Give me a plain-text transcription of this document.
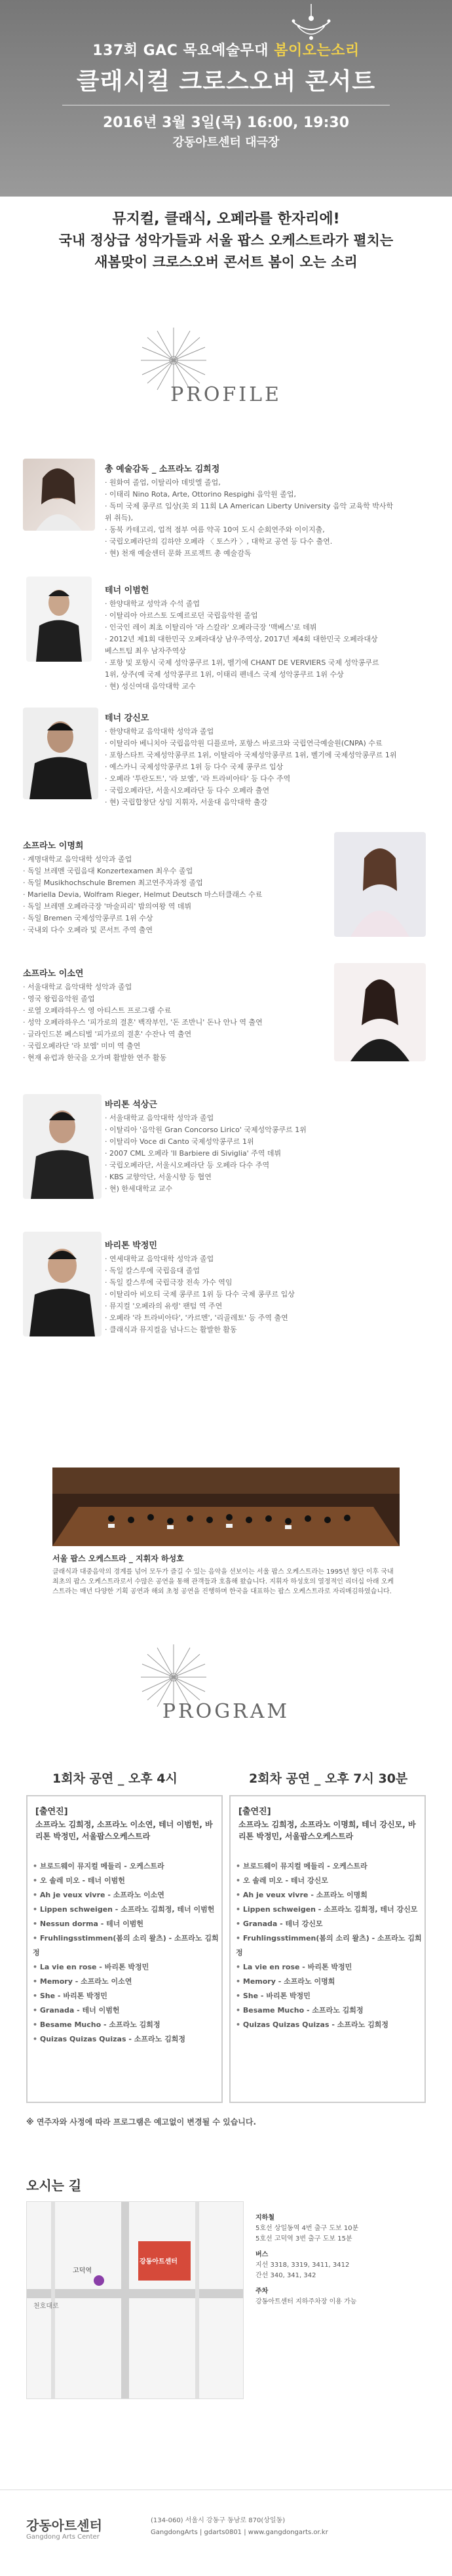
137회 GAC 목요예술무대 봄이오는소리
클래시컬 크로스오버 콘서트
2016년 3월 3일(목) 16:00, 19:30
강동아트센터 대극장
뮤지컬, 클래식, 오페라를 한자리에!
국내 정상급 성악가들과 서울 팝스 오케스트라가 펼치는
새봄맞이 크로스오버 콘서트 봄이 오는 소리
PROFILE
총 예술감독 _ 소프라노 김희정
· 원화여 졸업, 이탈리아 데빗엘 졸업,
· 이태리 Nino Rota, Arte, Ottorino Respighi 음악원 졸업,
· 독미 국제 콩쿠르 입상(美 외 11회 LA American Liberty University 음악 교육학 박사학
위 취득),
· 동북 카테고리, 업적 점부 여름 약곡 10여 도시 순회연주와 이이지출,
· 국립오페라단의 김하얀 오페라 〈 토스카 〉, 대학교 공연 등 다수 출연.
· 현) 천재 예술센터 문화 프로젝트 총 예술감독
테너 이범헌
· 한양대학교 성악과 수석 졸업
· 이탈리아 아르스토 도예르로던 국립음악원 졸업
· 인국인 레이 최초 이탈리아 '라 스칼라' 오페라극장 '맥베스'로 데뷔
· 2012년 제1회 대한민국 오페라대상 남우주역상, 2017년 제4회 대한민국 오페라대상
베스트팀 최우 남자주역상
· 포항 및 포항시 국제 성악콩쿠르 1위, 벨기에 CHANT DE VERVIERS 국제 성악콩쿠르
1위, 상주(예 국제 성악콩쿠르 1위, 이태리 펜네스 국제 성악콩쿠르 1위 수상
· 현) 성신여대 음악대학 교수
테너 강신모
· 한양대학교 음악대학 성악과 졸업
· 이탈리아 베니치아 국립음악원 디플로마, 포항스 바로크와 국립연극예술원(CNPA) 수료
· 포항스타트 국제성악콩쿠르 1위, 이탈리아 국제성악콩쿠르 1위, 벨기에 국제성악콩쿠르 1위
· 예스카니 국제성악콩쿠르 1위 등 다수 국제 콩쿠르 입상
· 오페라 '투란도트', '라 보엠', '라 트라비아타' 등 다수 주역
· 국립오페라단, 서울시오페라단 등 다수 오페라 출연
· 현) 국립합창단 상임 지휘자, 서울대 음악대학 출강
소프라노 이명희
· 계명대학교 음악대학 성악과 졸업
· 독일 브레멘 국립음대 Konzertexamen 최우수 졸업
· 독일 Musikhochschule Bremen 최고연주자과정 졸업
· Mariella Devia, Wolfram Rieger, Helmut Deutsch 마스터클래스 수료
· 독일 브레멘 오페라극장 '마술피리' 밤의여왕 역 데뷔
· 독일 Bremen 국제성악콩쿠르 1위 수상
· 국내외 다수 오페라 및 콘서트 주역 출연
소프라노 이소연
· 서울대학교 음악대학 성악과 졸업
· 영국 왕립음악원 졸업
· 로열 오페라하우스 영 아티스트 프로그램 수료
· 성악 오페라하우스 '피가로의 결혼' 백작부인, '돈 조반니' 돈나 안나 역 출연
· 글라인드본 페스티벌 '피가로의 결혼' 수잔나 역 출연
· 국립오페라단 '라 보엠' 미미 역 출연
· 현재 유럽과 한국을 오가며 활발한 연주 활동
바리톤 석상근
· 서울대학교 음악대학 성악과 졸업
· 이탈리아 '음악원 Gran Concorso Lirico' 국제성악콩쿠르 1위
· 이탈리아 Voce di Canto 국제성악콩쿠르 1위
· 2007 CML 오페라 'Il Barbiere di Siviglia' 주역 데뷔
· 국립오페라단, 서울시오페라단 등 오페라 다수 주역
· KBS 교향악단, 서울시향 등 협연
· 현) 한세대학교 교수
바리톤 박정민
· 연세대학교 음악대학 성악과 졸업
· 독일 칼스루에 국립음대 졸업
· 독일 칼스루에 국립극장 전속 가수 역임
· 이탈리아 비오티 국제 콩쿠르 1위 등 다수 국제 콩쿠르 입상
· 뮤지컬 '오페라의 유령' 팬텀 역 주연
· 오페라 '라 트라비아타', '카르멘', '리골레토' 등 주역 출연
· 클래식과 뮤지컬을 넘나드는 활발한 활동
서울 팝스 오케스트라 _ 지휘자 하성호
클래식과 대중음악의 경계를 넘어 모두가 즐길 수 있는 음악을 선보이는 서울 팝스 오케스트라는 1995년 창단 이후 국내 최초의 팝스 오케스트라로서 수많은 공연을 통해 관객들과 호흡해 왔습니다. 지휘자 하성호의 열정적인 리더십 아래 오케스트라는 매년 다양한 기획 공연과 해외 초청 공연을 진행하며 한국을 대표하는 팝스 오케스트라로 자리매김하였습니다.
PROGRAM
1회차 공연 _ 오후 4시
[출연진]
소프라노 김희정, 소프라노 이소연, 테너 이범헌, 바리톤 박정민, 서울팝스오케스트라
• 브로드웨이 뮤지컬 메들리 - 오케스트라
• 오 솔레 미오 - 테너 이범헌
• Ah je veux vivre - 소프라노 이소연
• Lippen schweigen - 소프라노 김희정, 테너 이범헌
• Nessun dorma - 테너 이범헌
• Fruhlingsstimmen(봄의 소리 왈츠) - 소프라노 김희정
• La vie en rose - 바리톤 박정민
• Memory - 소프라노 이소연
• She - 바리톤 박정민
• Granada - 테너 이범헌
• Besame Mucho - 소프라노 김희정
• Quizas Quizas Quizas - 소프라노 김희정
2회차 공연 _ 오후 7시 30분
[출연진]
소프라노 김희정, 소프라노 이명희, 테너 강신모, 바리톤 박정민, 서울팝스오케스트라
• 브로드웨이 뮤지컬 메들리 - 오케스트라
• 오 솔레 미오 - 테너 강신모
• Ah je veux vivre - 소프라노 이명희
• Lippen schweigen - 소프라노 김희정, 테너 강신모
• Granada - 테너 강신모
• Fruhlingsstimmen(봄의 소리 왈츠) - 소프라노 김희정
• La vie en rose - 바리톤 박정민
• Memory - 소프라노 이명희
• She - 바리톤 박정민
• Besame Mucho - 소프라노 김희정
• Quizas Quizas Quizas - 소프라노 김희정
※ 연주자와 사정에 따라 프로그램은 예고없이 변경될 수 있습니다.
오시는 길
강동아트센터
고덕역
천호대로
지하철
5호선 상일동역 4번 출구 도보 10분
5호선 고덕역 3번 출구 도보 15분
버스
지선 3318, 3319, 3411, 3412
간선 340, 341, 342
주차
강동아트센터 지하주차장 이용 가능
강동아트센터
Gangdong Arts Center
(134-060) 서울시 강동구 동남로 870(상일동)
GangdongArts | gdarts0801 | www.gangdongarts.or.kr
